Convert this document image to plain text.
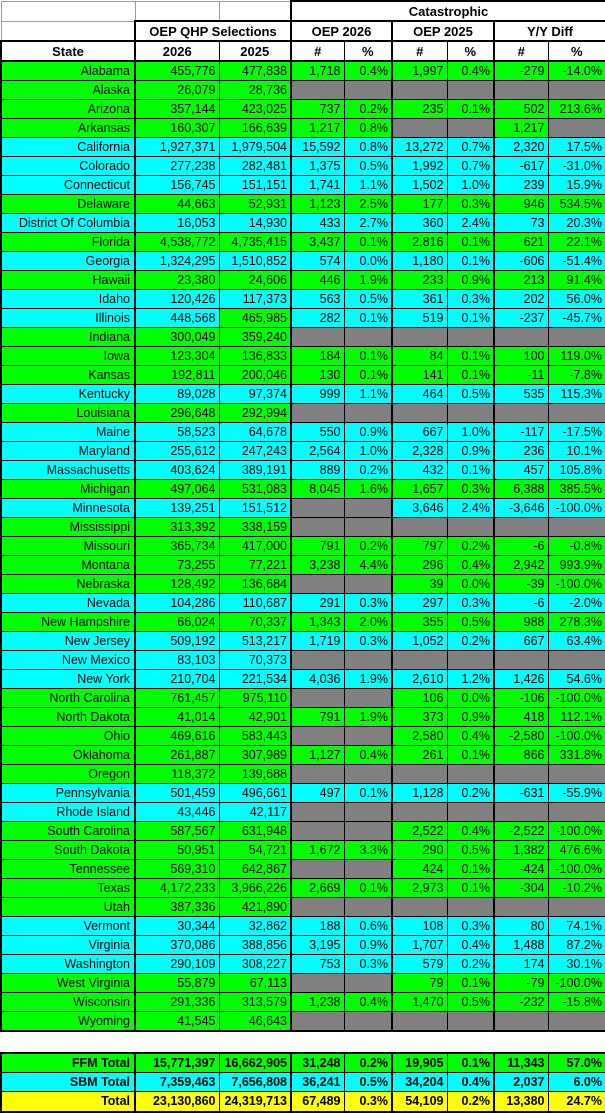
			Catastrophic					
	OEP QHP Selections		OEP 2026		OEP 2025		Y/Y Diff	
State	2026	2025	#	%	#	%	#	%
Alabama	455,776	477,838	1,718	0.4%	1,997	0.4%	-279	-14.0%
Alaska	26,079	28,736						
Arizona	357,144	423,025	737	0.2%	235	0.1%	502	213.6%
Arkansas	160,307	166,639	1,217	0.8%			1,217	
California	1,927,371	1,979,504	15,592	0.8%	13,272	0.7%	2,320	17.5%
Colorado	277,238	282,481	1,375	0.5%	1,992	0.7%	-617	-31.0%
Connecticut	156,745	151,151	1,741	1.1%	1,502	1.0%	239	15.9%
Delaware	44,663	52,931	1,123	2.5%	177	0.3%	946	534.5%
District Of Columbia	16,053	14,930	433	2.7%	360	2.4%	73	20.3%
Florida	4,538,772	4,735,415	3,437	0.1%	2,816	0.1%	621	22.1%
Georgia	1,324,295	1,510,852	574	0.0%	1,180	0.1%	-606	-51.4%
Hawaii	23,380	24,606	446	1.9%	233	0.9%	213	91.4%
Idaho	120,426	117,373	563	0.5%	361	0.3%	202	56.0%
Illinois	448,568	465,985	282	0.1%	519	0.1%	-237	-45.7%
Indiana	300,049	359,240						
Iowa	123,304	136,833	184	0.1%	84	0.1%	100	119.0%
Kansas	192,811	200,046	130	0.1%	141	0.1%	-11	-7.8%
Kentucky	89,028	97,374	999	1.1%	464	0.5%	535	115.3%
Louisiana	296,648	292,994						
Maine	58,523	64,678	550	0.9%	667	1.0%	-117	-17.5%
Maryland	255,612	247,243	2,564	1.0%	2,328	0.9%	236	10.1%
Massachusetts	403,624	389,191	889	0.2%	432	0.1%	457	105.8%
Michigan	497,064	531,083	8,045	1.6%	1,657	0.3%	6,388	385.5%
Minnesota	139,251	151,512			3,646	2.4%	-3,646	-100.0%
Mississippi	313,392	338,159						
Missouri	365,734	417,000	791	0.2%	797	0.2%	-6	-0.8%
Montana	73,255	77,221	3,238	4.4%	296	0.4%	2,942	993.9%
Nebraska	128,492	136,684			39	0.0%	-39	-100.0%
Nevada	104,286	110,687	291	0.3%	297	0.3%	-6	-2.0%
New Hampshire	66,024	70,337	1,343	2.0%	355	0.5%	988	278.3%
New Jersey	509,192	513,217	1,719	0.3%	1,052	0.2%	667	63.4%
New Mexico	83,103	70,373						
New York	210,704	221,534	4,036	1.9%	2,610	1.2%	1,426	54.6%
North Carolina	761,457	975,110			106	0.0%	-106	-100.0%
North Dakota	41,014	42,901	791	1.9%	373	0.9%	418	112.1%
Ohio	469,616	583,443			2,580	0.4%	-2,580	-100.0%
Oklahoma	261,887	307,989	1,127	0.4%	261	0.1%	866	331.8%
Oregon	118,372	139,688						
Pennsylvania	501,459	496,661	497	0.1%	1,128	0.2%	-631	-55.9%
Rhode Island	43,446	42,117						
South Carolina	587,567	631,948			2,522	0.4%	-2,522	-100.0%
South Dakota	50,951	54,721	1,672	3.3%	290	0.5%	1,382	476.6%
Tennessee	569,310	642,867			424	0.1%	-424	-100.0%
Texas	4,172,233	3,966,226	2,669	0.1%	2,973	0.1%	-304	-10.2%
Utah	387,336	421,890						
Vermont	30,344	32,862	188	0.6%	108	0.3%	80	74.1%
Virginia	370,086	388,856	3,195	0.9%	1,707	0.4%	1,488	87.2%
Washington	290,109	308,227	753	0.3%	579	0.2%	174	30.1%
West Virginia	55,879	67,113			79	0.1%	-79	-100.0%
Wisconsin	291,336	313,579	1,238	0.4%	1,470	0.5%	-232	-15.8%
Wyoming	41,545	46,643						

FFM Total	15,771,397	16,662,905	31,248	0.2%	19,905	0.1%	11,343	57.0%
SBM Total	7,359,463	7,656,808	36,241	0.5%	34,204	0.4%	2,037	6.0%
Total	23,130,860	24,319,713	67,489	0.3%	54,109	0.2%	13,380	24.7%
